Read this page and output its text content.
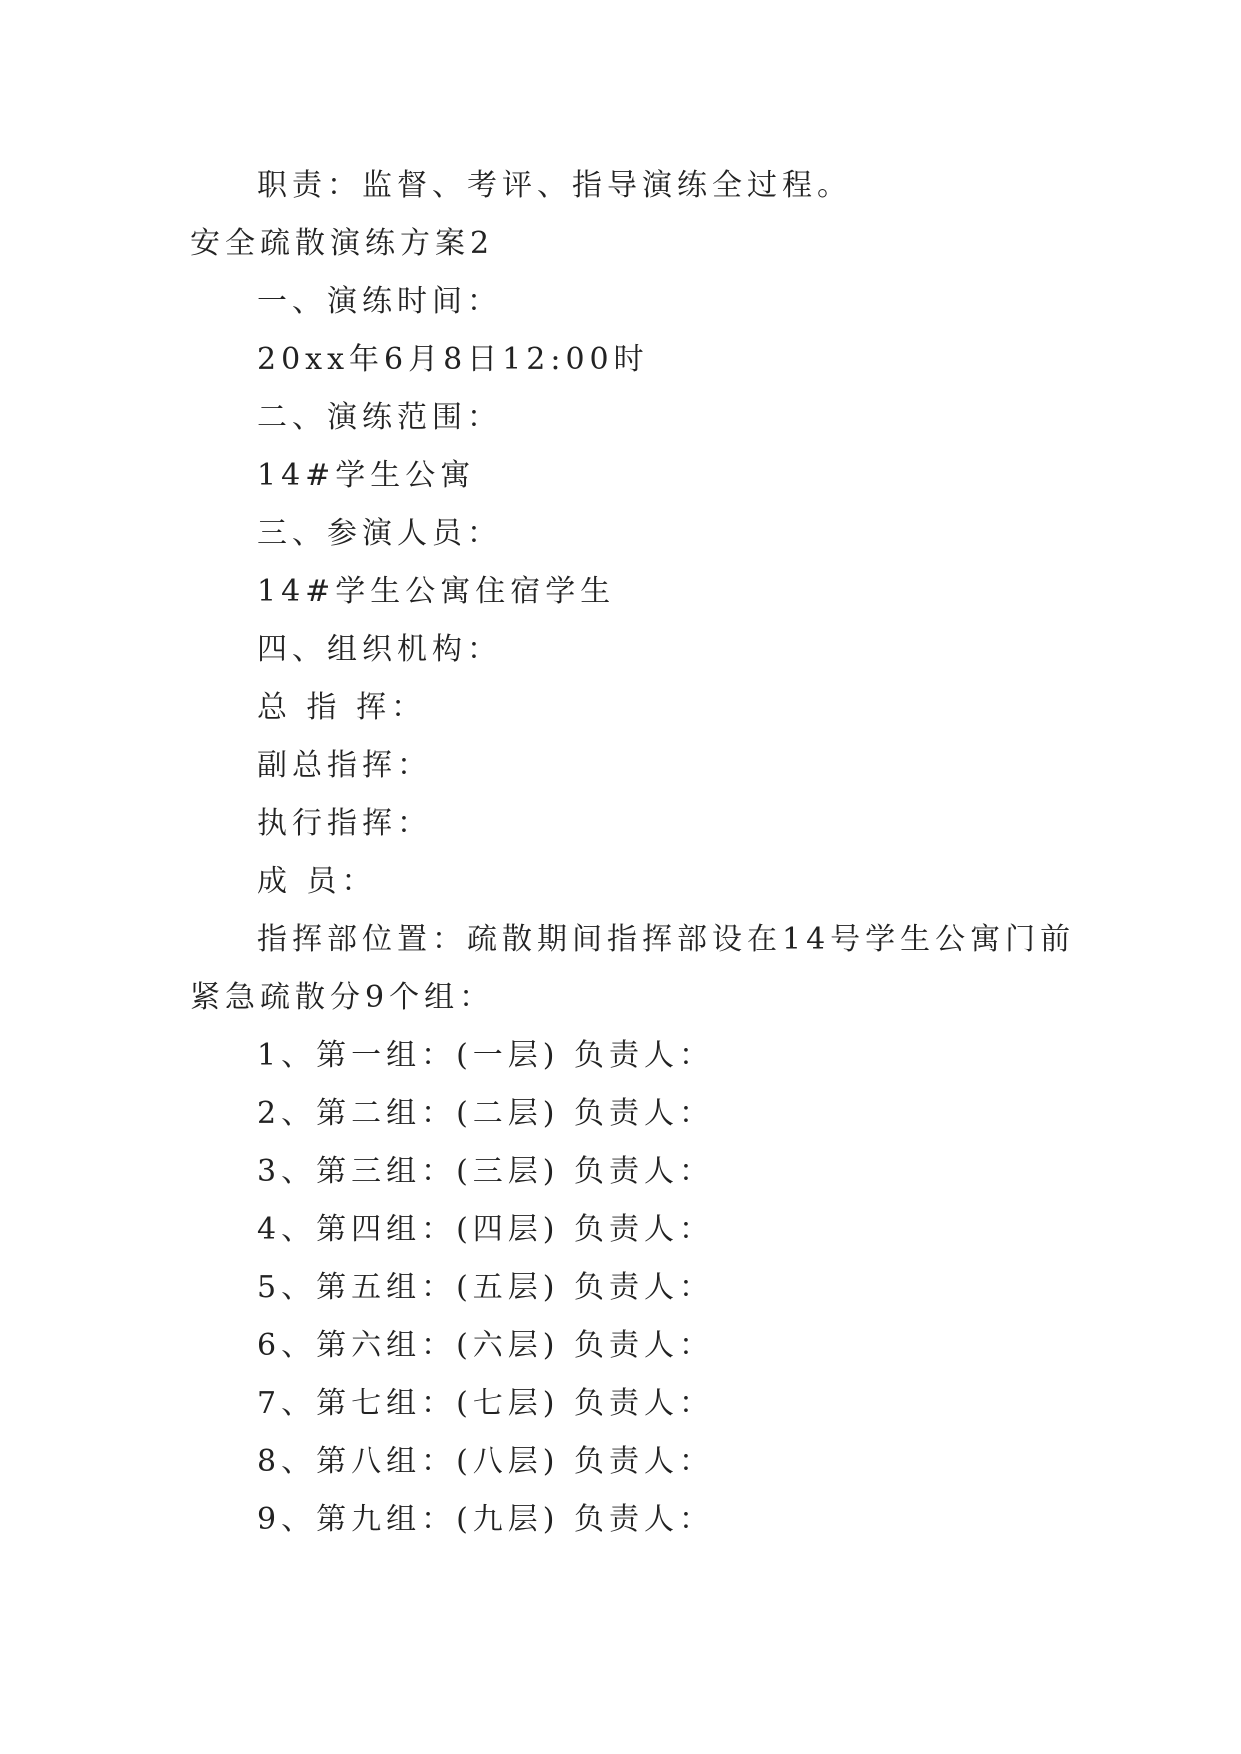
职责：监督、考评、指导演练全过程。

安全疏散演练方案2

一、演练时间：

20xx年6月8日12:00时

二、演练范围：

14#学生公寓

三、参演人员：

14#学生公寓住宿学生

四、组织机构：

总 指 挥：

副总指挥：

执行指挥：

成 员：

指挥部位置：疏散期间指挥部设在14号学生公寓门前

紧急疏散分9个组：

1、第一组：(一层) 负责人：

2、第二组：(二层) 负责人：

3、第三组：(三层) 负责人：

4、第四组：(四层) 负责人：

5、第五组：(五层) 负责人：

6、第六组：(六层) 负责人：

7、第七组：(七层) 负责人：

8、第八组：(八层) 负责人：

9、第九组：(九层) 负责人：
